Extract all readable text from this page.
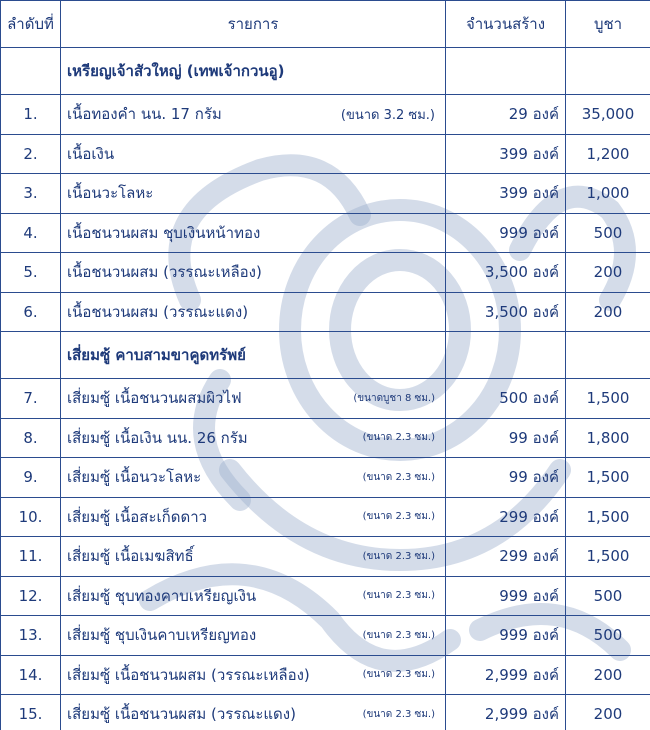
ลำดับที่	รายการ	จำนวนสร้าง	บูชา
	เหรียญเจ้าสัวใหญ่ (เทพเจ้ากวนอู)		
1.	เนื้อทองคำ นน. 17 กรัม (ขนาด 3.2 ซม.)	29 องค์	35,000
2.	เนื้อเงิน	399 องค์	1,200
3.	เนื้อนวะโลหะ	399 องค์	1,000
4.	เนื้อชนวนผสม ชุบเงินหน้าทอง	999 องค์	500
5.	เนื้อชนวนผสม (วรรณะเหลือง)	3,500 องค์	200
6.	เนื้อชนวนผสม (วรรณะแดง)	3,500 องค์	200
	เสี่ยมซู้ คาบสามขาคูดทรัพย์		
7.	เสี่ยมซู้ เนื้อชนวนผสมผิวไฟ (ขนาดบูชา 8 ซม.)	500 องค์	1,500
8.	เสี่ยมซู้ เนื้อเงิน นน. 26 กรัม (ขนาด 2.3 ซม.)	99 องค์	1,800
9.	เสี่ยมซู้ เนื้อนวะโลหะ (ขนาด 2.3 ซม.)	99 องค์	1,500
10.	เสี่ยมซู้ เนื้อสะเก็ดดาว (ขนาด 2.3 ซม.)	299 องค์	1,500
11.	เสี่ยมซู้ เนื้อเมฆสิทธิ์ (ขนาด 2.3 ซม.)	299 องค์	1,500
12.	เสี่ยมซู้ ชุบทองคาบเหรียญเงิน (ขนาด 2.3 ซม.)	999 องค์	500
13.	เสี่ยมซู้ ชุบเงินคาบเหรียญทอง (ขนาด 2.3 ซม.)	999 องค์	500
14.	เสี่ยมซู้ เนื้อชนวนผสม (วรรณะเหลือง) (ขนาด 2.3 ซม.)	2,999 องค์	200
15.	เสี่ยมซู้ เนื้อชนวนผสม (วรรณะแดง) (ขนาด 2.3 ซม.)	2,999 องค์	200
